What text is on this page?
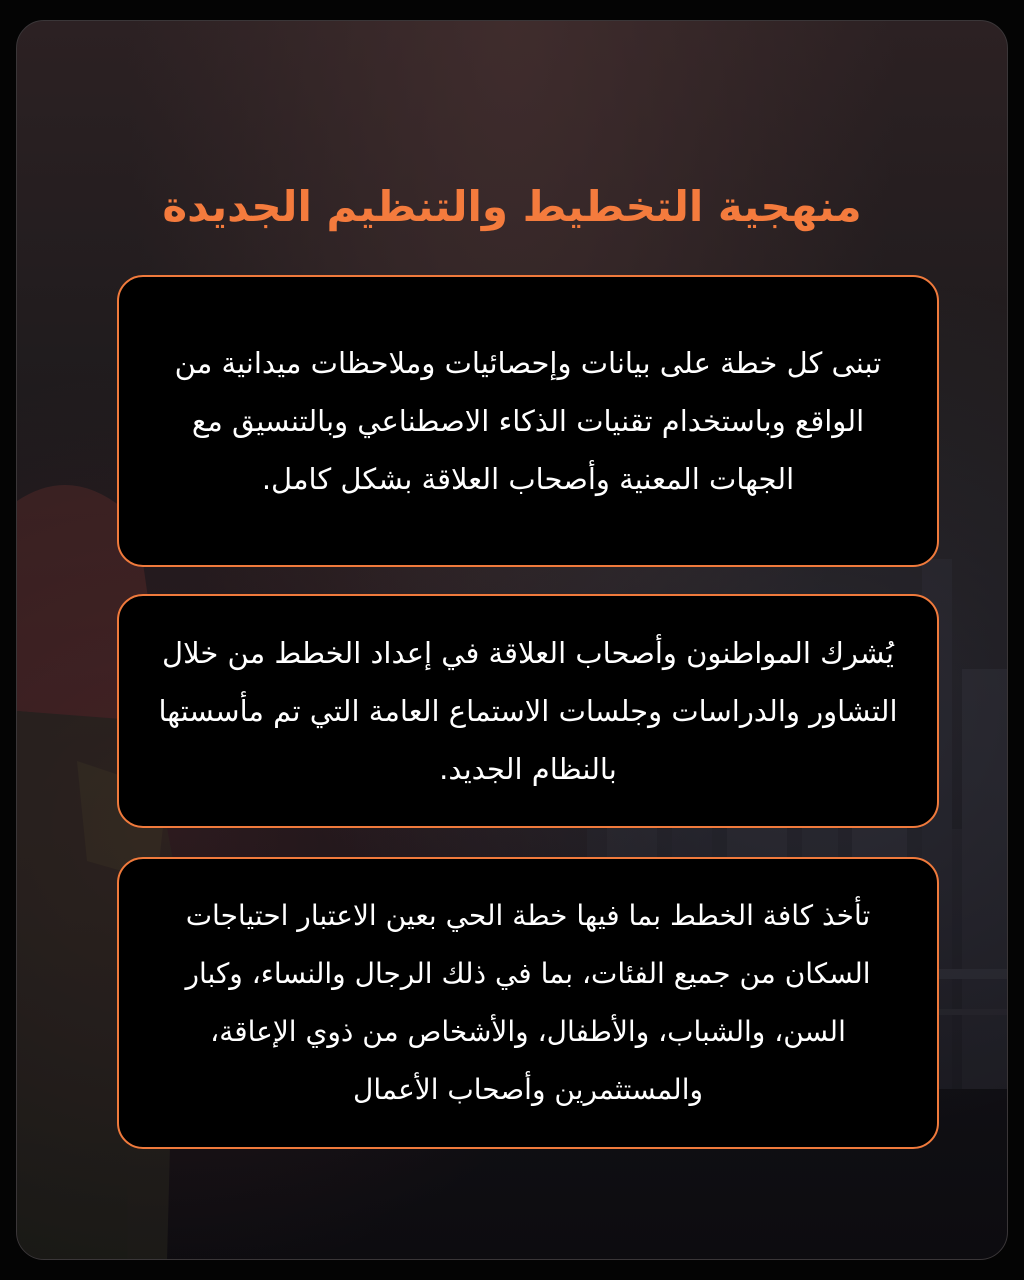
منهجية التخطيط والتنظيم الجديدة

تبنى كل خطة على بيانات وإحصائيات وملاحظات ميدانية من الواقع وباستخدام تقنيات الذكاء الاصطناعي وبالتنسيق مع الجهات المعنية وأصحاب العلاقة بشكل كامل.

يُشرك المواطنون وأصحاب العلاقة في إعداد الخطط من خلال التشاور والدراسات وجلسات الاستماع العامة التي تم مأسستها بالنظام الجديد.

تأخذ كافة الخطط بما فيها خطة الحي بعين الاعتبار احتياجات السكان من جميع الفئات، بما في ذلك الرجال والنساء، وكبار السن، والشباب، والأطفال، والأشخاص من ذوي الإعاقة، والمستثمرين وأصحاب الأعمال
